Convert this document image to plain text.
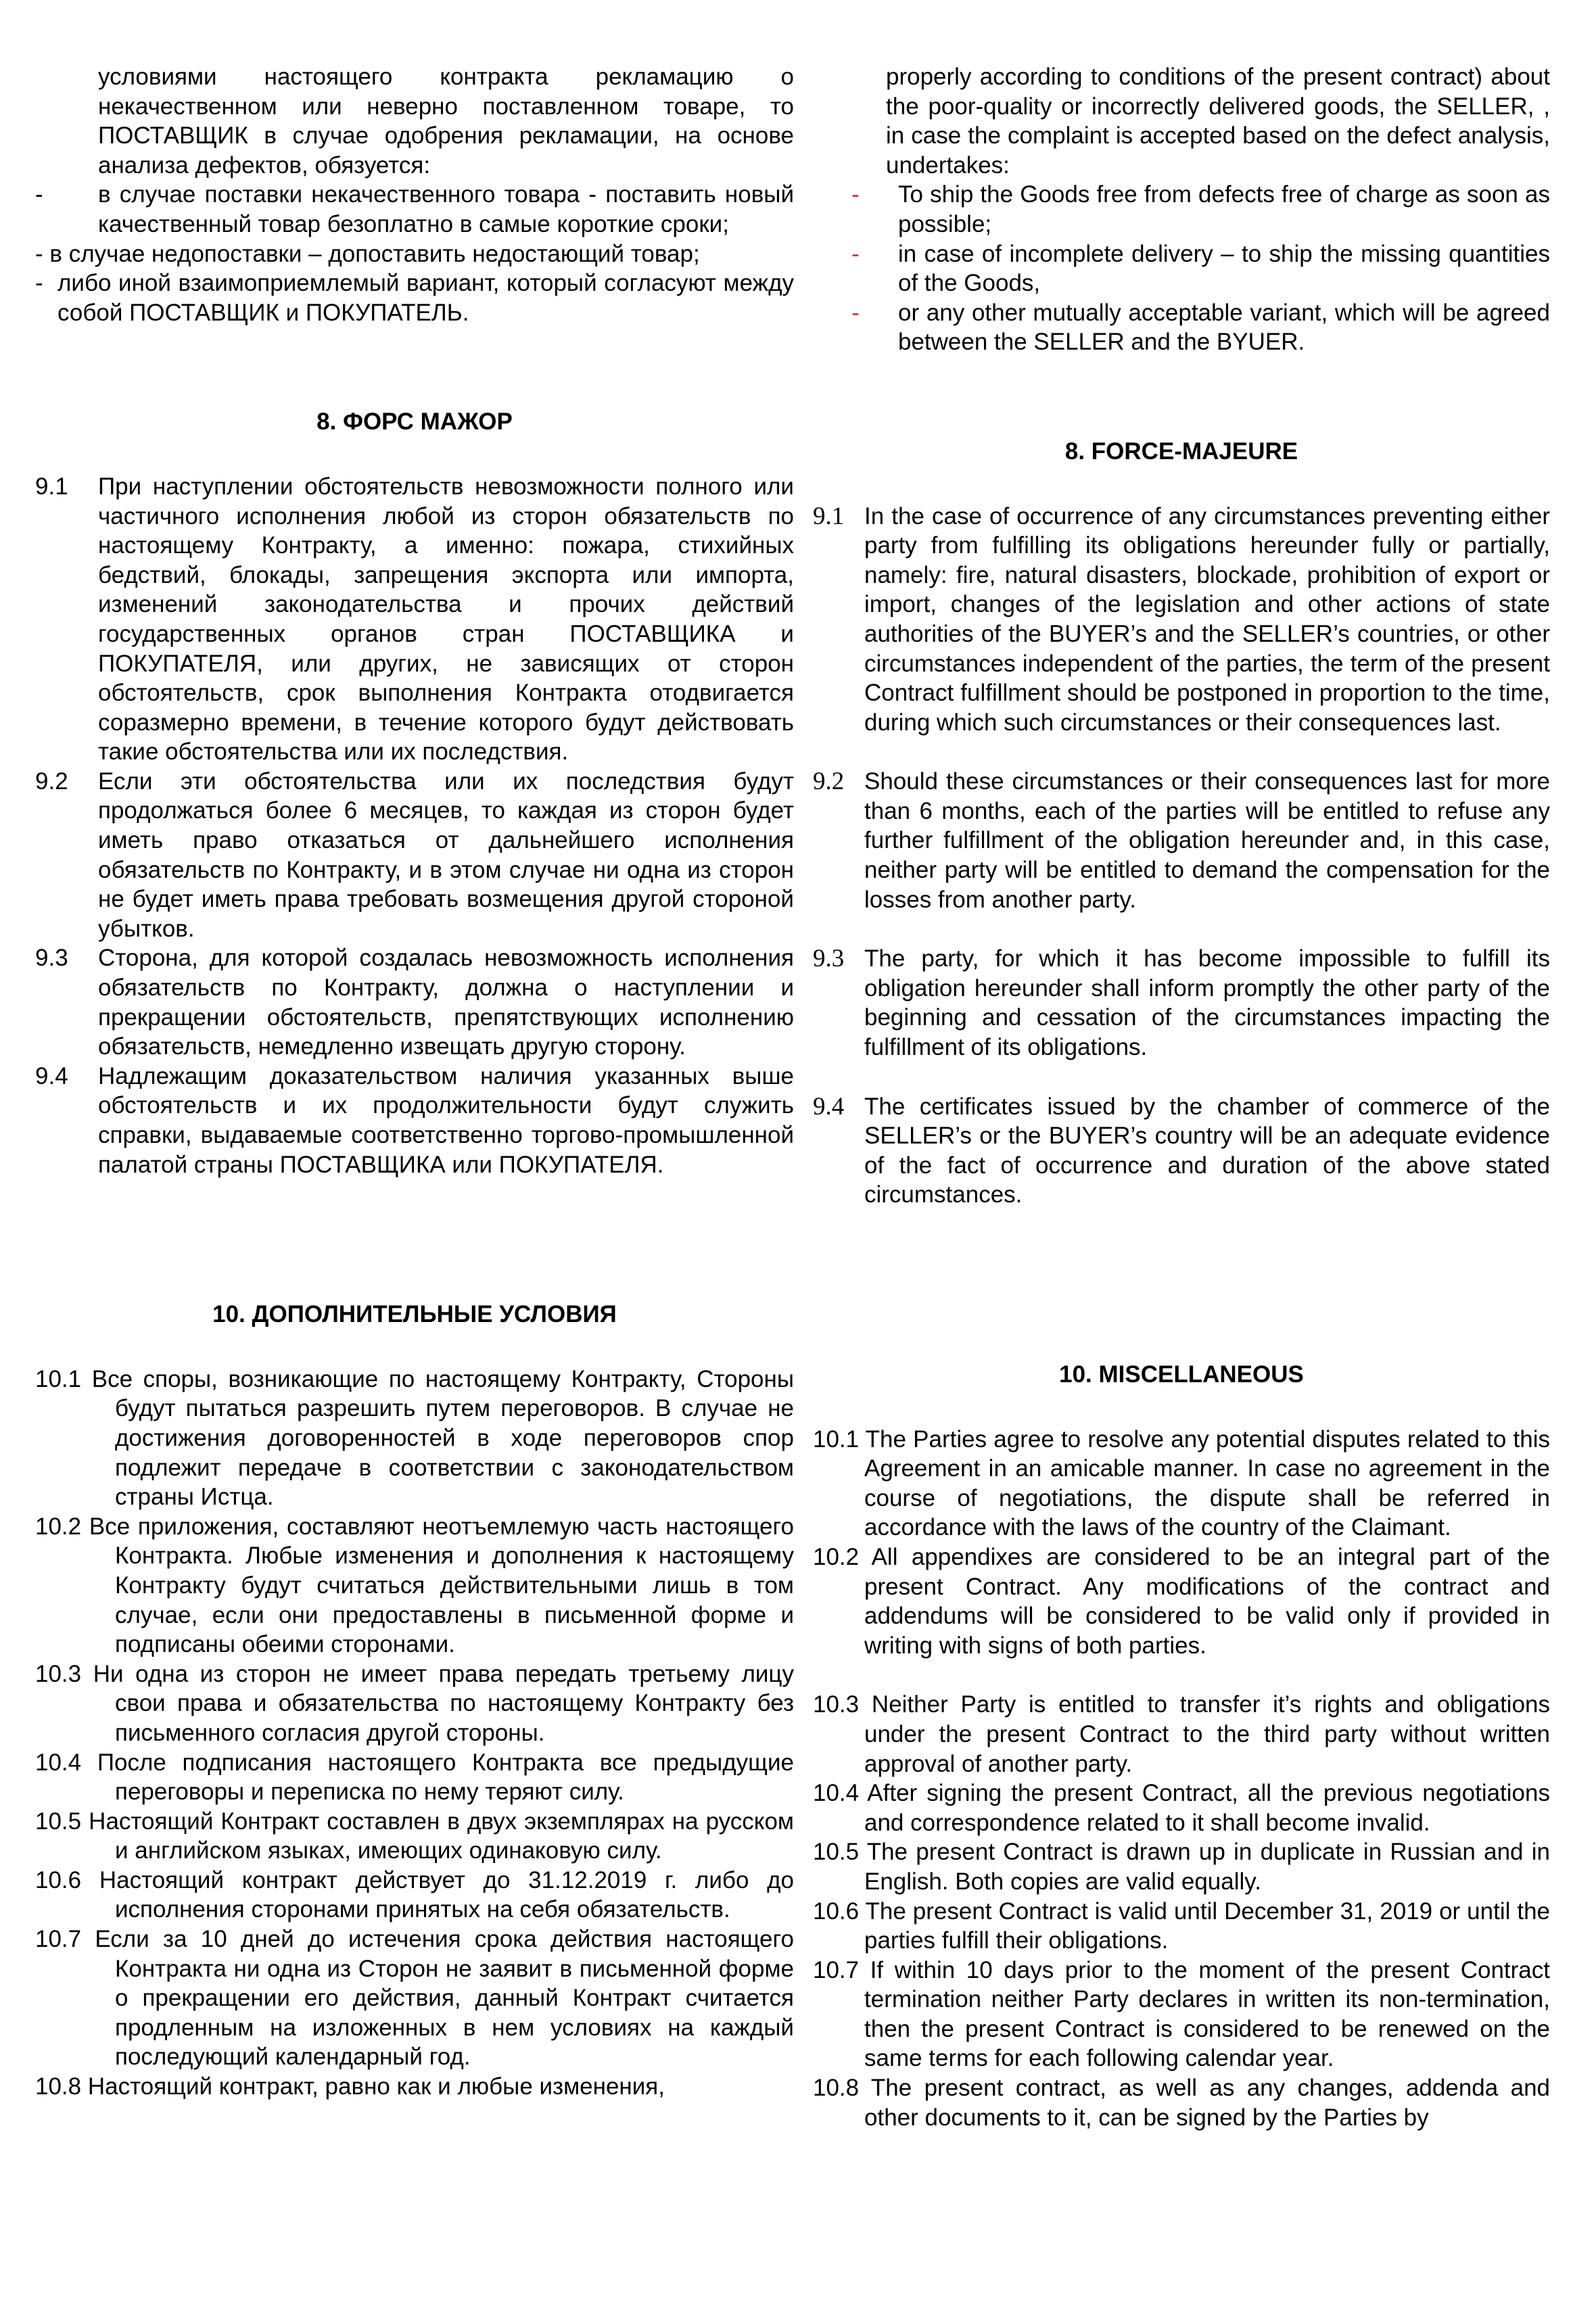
условиями настоящего контракта рекламацию о некачественном или неверно поставленном товаре, то ПОСТАВЩИК в случае одобрения рекламации, на основе анализа дефектов, обязуется:

-	в случае поставки некачественного товара - поставить новый качественный товар безоплатно в самые короткие сроки;
- в случае недопоставки – допоставить недостающий товар;
- либо иной взаимоприемлемый вариант, который согласуют между собой ПОСТАВЩИК и ПОКУПАТЕЛЬ.

8. ФОРС МАЖОР

9.1	При наступлении обстоятельств невозможности полного или частичного исполнения любой из сторон обязательств по настоящему Контракту, а именно: пожара, стихийных бедствий, блокады, запрещения экспорта или импорта, изменений законодательства и прочих действий государственных органов стран ПОСТАВЩИКА и ПОКУПАТЕЛЯ, или других, не зависящих от сторон обстоятельств, срок выполнения Контракта отодвигается соразмерно времени, в течение которого будут действовать такие обстоятельства или их последствия.
9.2	Если эти обстоятельства или их последствия будут продолжаться более 6 месяцев, то каждая из сторон будет иметь право отказаться от дальнейшего исполнения обязательств по Контракту, и в этом случае ни одна из сторон не будет иметь права требовать возмещения другой стороной убытков.
9.3	Сторона, для которой создалась невозможность исполнения обязательств по Контракту, должна о наступлении и прекращении обстоятельств, препятствующих исполнению обязательств, немедленно извещать другую сторону.
9.4	Надлежащим доказательством наличия указанных выше обстоятельств и их продолжительности будут служить справки, выдаваемые соответственно торгово-промышленной палатой страны ПОСТАВЩИКА или ПОКУПАТЕЛЯ.

10. ДОПОЛНИТЕЛЬНЫЕ УСЛОВИЯ

10.1 Все споры, возникающие по настоящему Контракту, Стороны будут пытаться разрешить путем переговоров. В случае не достижения договоренностей в ходе переговоров спор подлежит передаче в соответствии с законодательством страны Истца.
10.2 Все приложения, составляют неотъемлемую часть настоящего Контракта. Любые изменения и дополнения к настоящему Контракту будут считаться действительными лишь в том случае, если они предоставлены в письменной форме и подписаны обеими сторонами.
10.3 Ни одна из сторон не имеет права передать третьему лицу свои права и обязательства по настоящему Контракту без письменного согласия другой стороны.
10.4 После подписания настоящего Контракта все предыдущие переговоры и переписка по нему теряют силу.
10.5 Настоящий Контракт составлен в двух экземплярах на русском и английском языках, имеющих одинаковую силу.
10.6 Настоящий контракт действует до 31.12.2019 г. либо до исполнения сторонами принятых на себя обязательств.
10.7 Если за 10 дней до истечения срока действия настоящего Контракта ни одна из Сторон не заявит в письменной форме о прекращении его действия, данный Контракт считается продленным на изложенных в нем условиях на каждый последующий календарный год.
10.8 Настоящий контракт, равно как и любые изменения,

properly according to conditions of the present contract) about the poor-quality or incorrectly delivered goods, the SELLER, , in case the complaint is accepted based on the defect analysis, undertakes:

-	To ship the Goods free from defects free of charge as soon as possible;
-	in case of incomplete delivery – to ship the missing quantities of the Goods,
-	or any other mutually acceptable variant, which will be agreed between the SELLER and the BYUER.

8. FORCE-MAJEURE

9.1 In the case of occurrence of any circumstances preventing either party from fulfilling its obligations hereunder fully or partially, namely: fire, natural disasters, blockade, prohibition of export or import, changes of the legislation and other actions of state authorities of the BUYER’s and the SELLER’s countries, or other circumstances independent of the parties, the term of the present Contract fulfillment should be postponed in proportion to the time, during which such circumstances or their consequences last.
9.2 Should these circumstances or their consequences last for more than 6 months, each of the parties will be entitled to refuse any further fulfillment of the obligation hereunder and, in this case, neither party will be entitled to demand the compensation for the losses from another party.
9.3 The party, for which it has become impossible to fulfill its obligation hereunder shall inform promptly the other party of the beginning and cessation of the circumstances impacting the fulfillment of its obligations.
9.4 The certificates issued by the chamber of commerce of the SELLER’s or the BUYER’s country will be an adequate evidence of the fact of occurrence and duration of the above stated circumstances.

10. MISCELLANEOUS

10.1 The Parties agree to resolve any potential disputes related to this Agreement in an amicable manner. In case no agreement in the course of negotiations, the dispute shall be referred in accordance with the laws of the country of the Claimant.
10.2 All appendixes are considered to be an integral part of the present Contract. Any modifications of the contract and addendums will be considered to be valid only if provided in writing with signs of both parties.
10.3 Neither Party is entitled to transfer it’s rights and obligations under the present Contract to the third party without written approval of another party.
10.4 After signing the present Contract, all the previous negotiations and correspondence related to it shall become invalid.
10.5 The present Contract is drawn up in duplicate in Russian and in English. Both copies are valid equally.
10.6 The present Contract is valid until December 31, 2019 or until the parties fulfill their obligations.
10.7 If within 10 days prior to the moment of the present Contract termination neither Party declares in written its non-termination, then the present Contract is considered to be renewed on the same terms for each following calendar year.
10.8 The present contract, as well as any changes, addenda and other documents to it, can be signed by the Parties by
